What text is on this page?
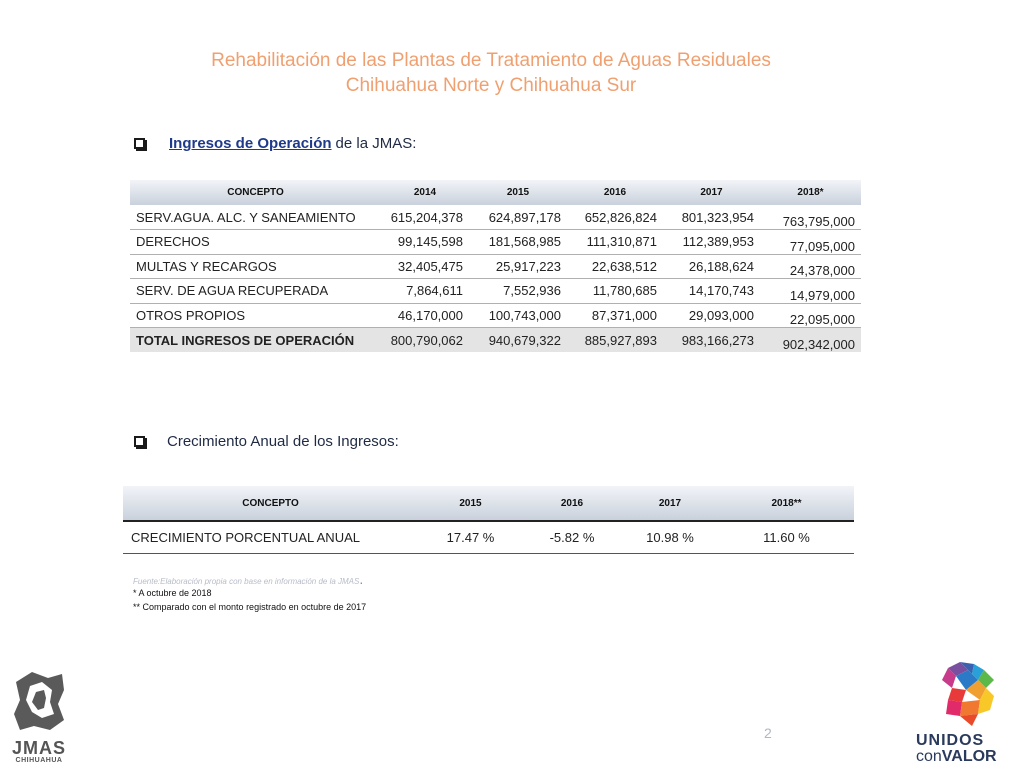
Rehabilitación de las Plantas de Tratamiento de Aguas Residuales
Chihuahua Norte y Chihuahua Sur
Ingresos de Operación de la JMAS:
CONCEPTO	2014	2015	2016	2017	2018*
SERV.AGUA. ALC. Y SANEAMIENTO	615,204,378	624,897,178	652,826,824	801,323,954	763,795,000
DERECHOS	99,145,598	181,568,985	111,310,871	112,389,953	77,095,000
MULTAS Y RECARGOS	32,405,475	25,917,223	22,638,512	26,188,624	24,378,000
SERV. DE AGUA RECUPERADA	7,864,611	7,552,936	11,780,685	14,170,743	14,979,000
OTROS PROPIOS	46,170,000	100,743,000	87,371,000	29,093,000	22,095,000
TOTAL INGRESOS DE OPERACIÓN	800,790,062	940,679,322	885,927,893	983,166,273	902,342,000
Crecimiento Anual de los Ingresos:
CONCEPTO	2015	2016	2017	2018**
CRECIMIENTO PORCENTUAL ANUAL	17.47 %	-5.82 %	10.98 %	11.60 %
Fuente:Elaboración propia con base en información de la JMAS.
* A octubre de 2018
** Comparado con el monto registrado en octubre de 2017
2
JMAS
CHIHUAHUA
UNIDOS
conVALOR
